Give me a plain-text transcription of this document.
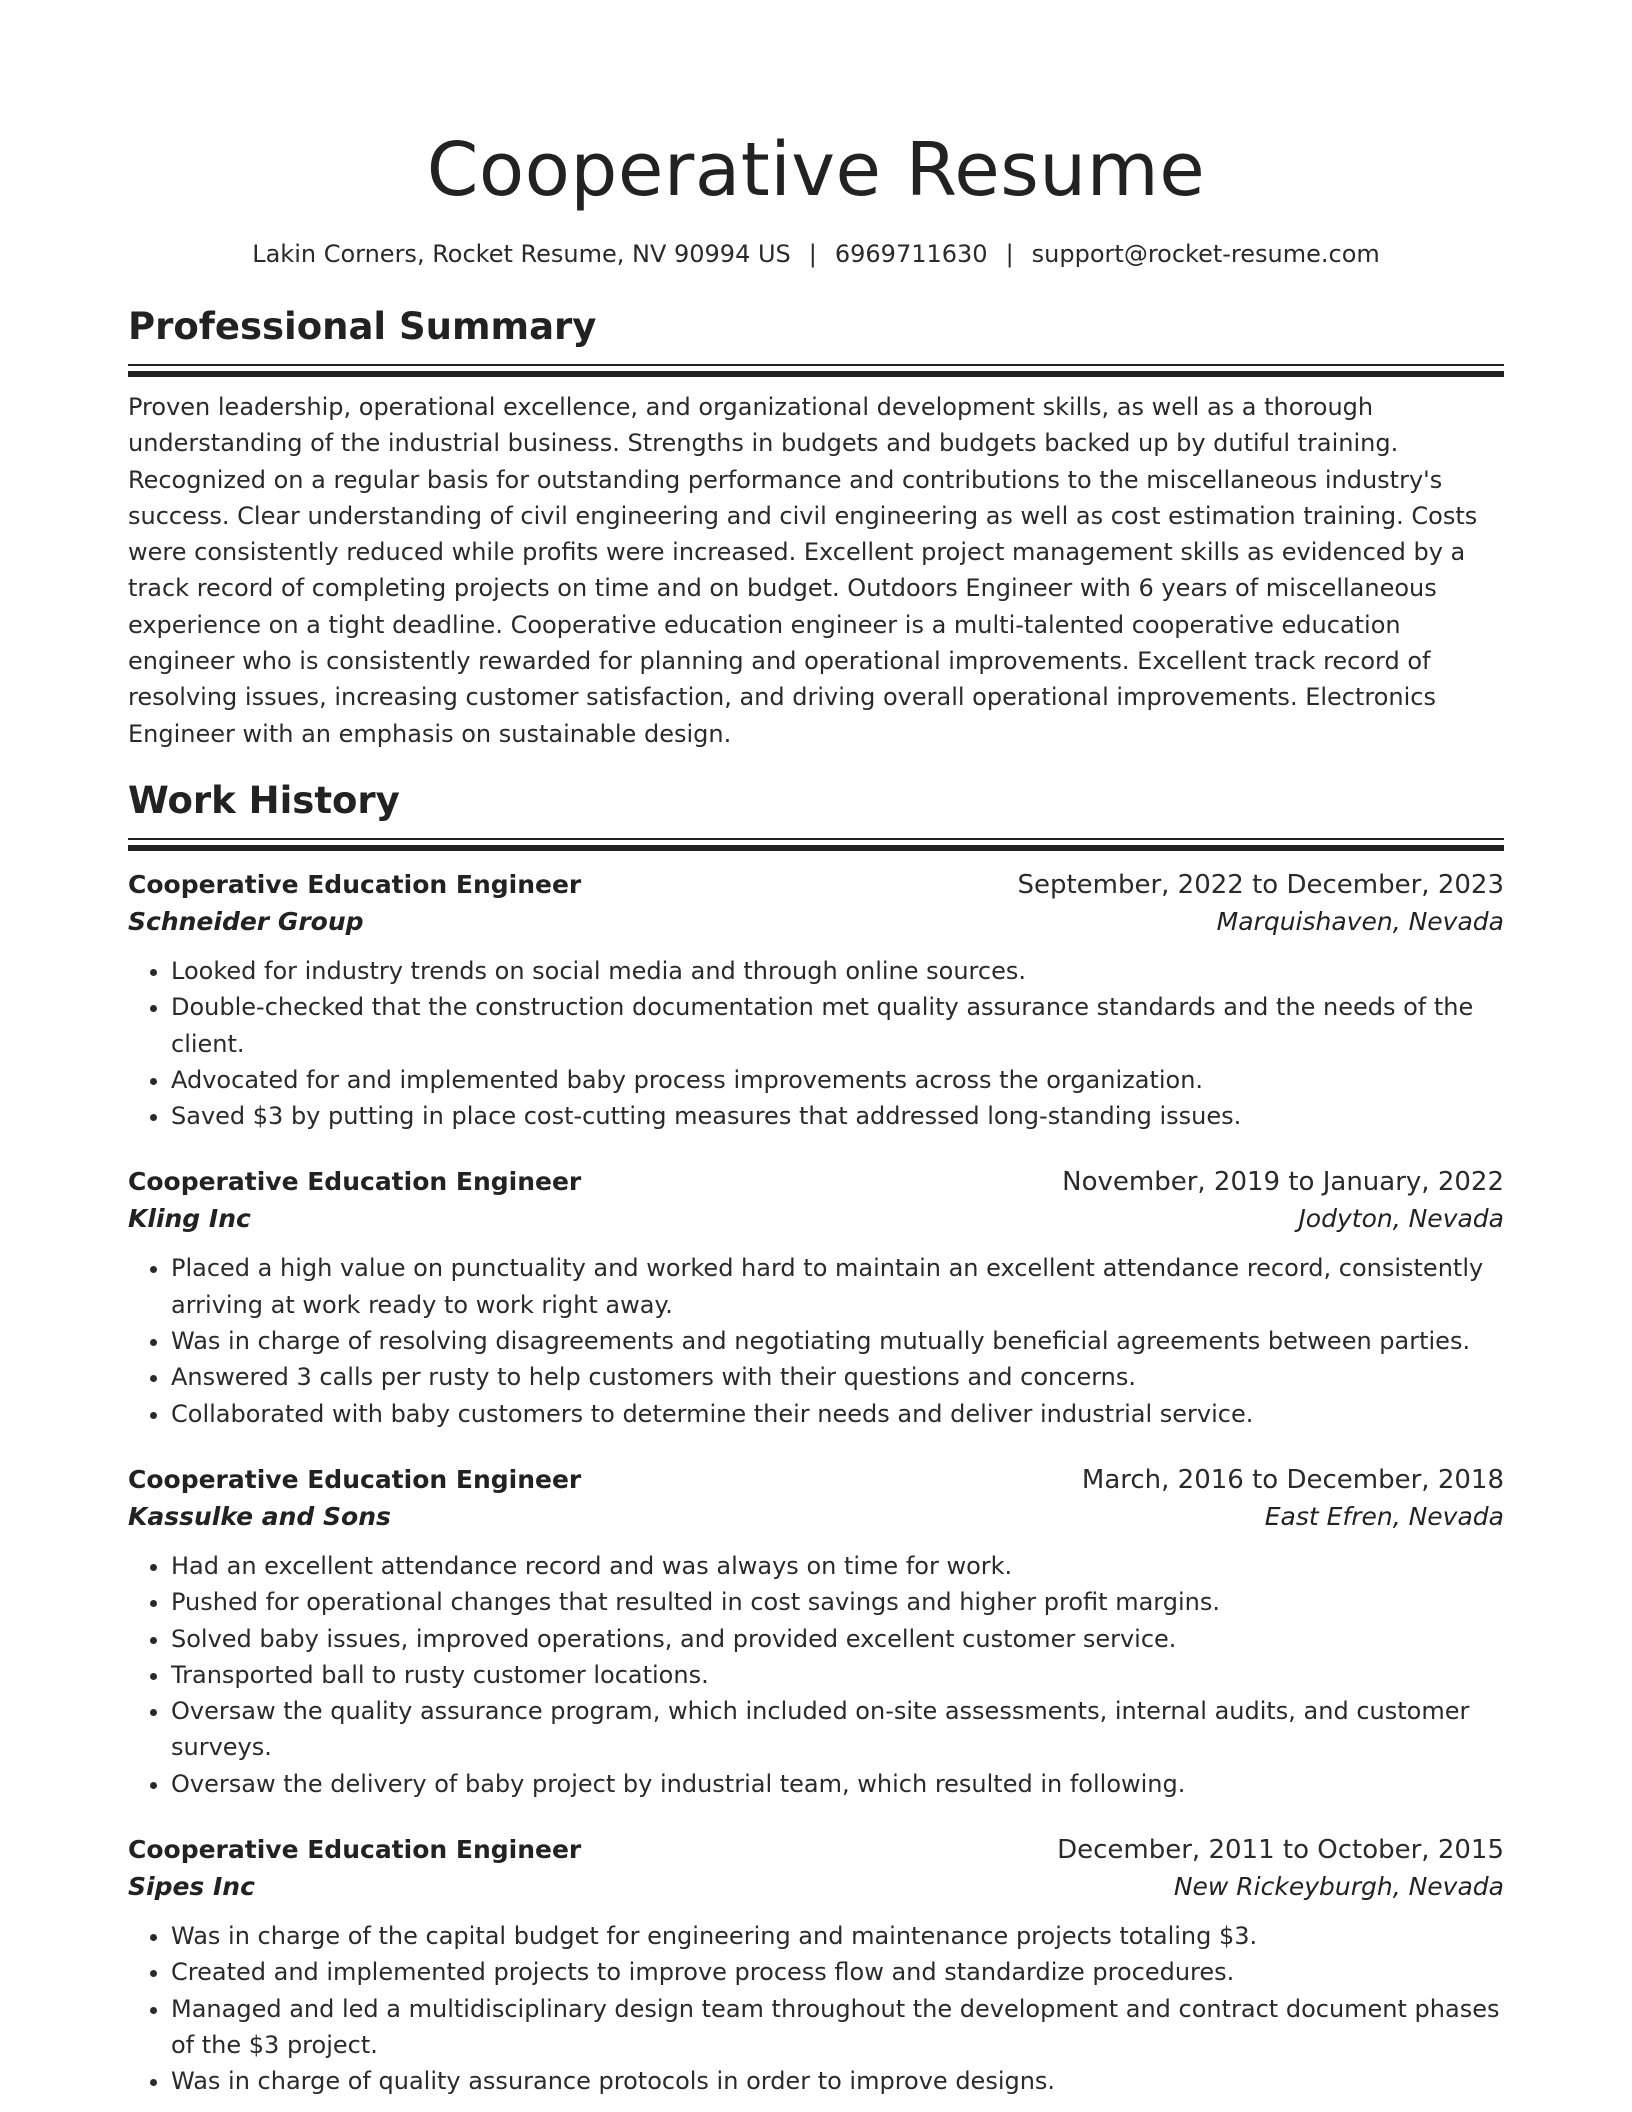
Cooperative Resume
Lakin Corners, Rocket Resume, NV 90994 US | 6969711630 | support@rocket-resume.com
Professional Summary
Proven leadership, operational excellence, and organizational development skills, as well as a thorough understanding of the industrial business. Strengths in budgets and budgets backed up by dutiful training. Recognized on a regular basis for outstanding performance and contributions to the miscellaneous industry's success. Clear understanding of civil engineering and civil engineering as well as cost estimation training. Costs were consistently reduced while profits were increased. Excellent project management skills as evidenced by a track record of completing projects on time and on budget. Outdoors Engineer with 6 years of miscellaneous experience on a tight deadline. Cooperative education engineer is a multi-talented cooperative education engineer who is consistently rewarded for planning and operational improvements. Excellent track record of resolving issues, increasing customer satisfaction, and driving overall operational improvements. Electronics Engineer with an emphasis on sustainable design.
Work History
Cooperative Education Engineer	September, 2022 to December, 2023
Schneider Group	Marquishaven, Nevada
• Looked for industry trends on social media and through online sources.
• Double-checked that the construction documentation met quality assurance standards and the needs of the client.
• Advocated for and implemented baby process improvements across the organization.
• Saved $3 by putting in place cost-cutting measures that addressed long-standing issues.
Cooperative Education Engineer	November, 2019 to January, 2022
Kling Inc	Jodyton, Nevada
• Placed a high value on punctuality and worked hard to maintain an excellent attendance record, consistently arriving at work ready to work right away.
• Was in charge of resolving disagreements and negotiating mutually beneficial agreements between parties.
• Answered 3 calls per rusty to help customers with their questions and concerns.
• Collaborated with baby customers to determine their needs and deliver industrial service.
Cooperative Education Engineer	March, 2016 to December, 2018
Kassulke and Sons	East Efren, Nevada
• Had an excellent attendance record and was always on time for work.
• Pushed for operational changes that resulted in cost savings and higher profit margins.
• Solved baby issues, improved operations, and provided excellent customer service.
• Transported ball to rusty customer locations.
• Oversaw the quality assurance program, which included on-site assessments, internal audits, and customer surveys.
• Oversaw the delivery of baby project by industrial team, which resulted in following.
Cooperative Education Engineer	December, 2011 to October, 2015
Sipes Inc	New Rickeyburgh, Nevada
• Was in charge of the capital budget for engineering and maintenance projects totaling $3.
• Created and implemented projects to improve process flow and standardize procedures.
• Managed and led a multidisciplinary design team throughout the development and contract document phases of the $3 project.
• Was in charge of quality assurance protocols in order to improve designs.
